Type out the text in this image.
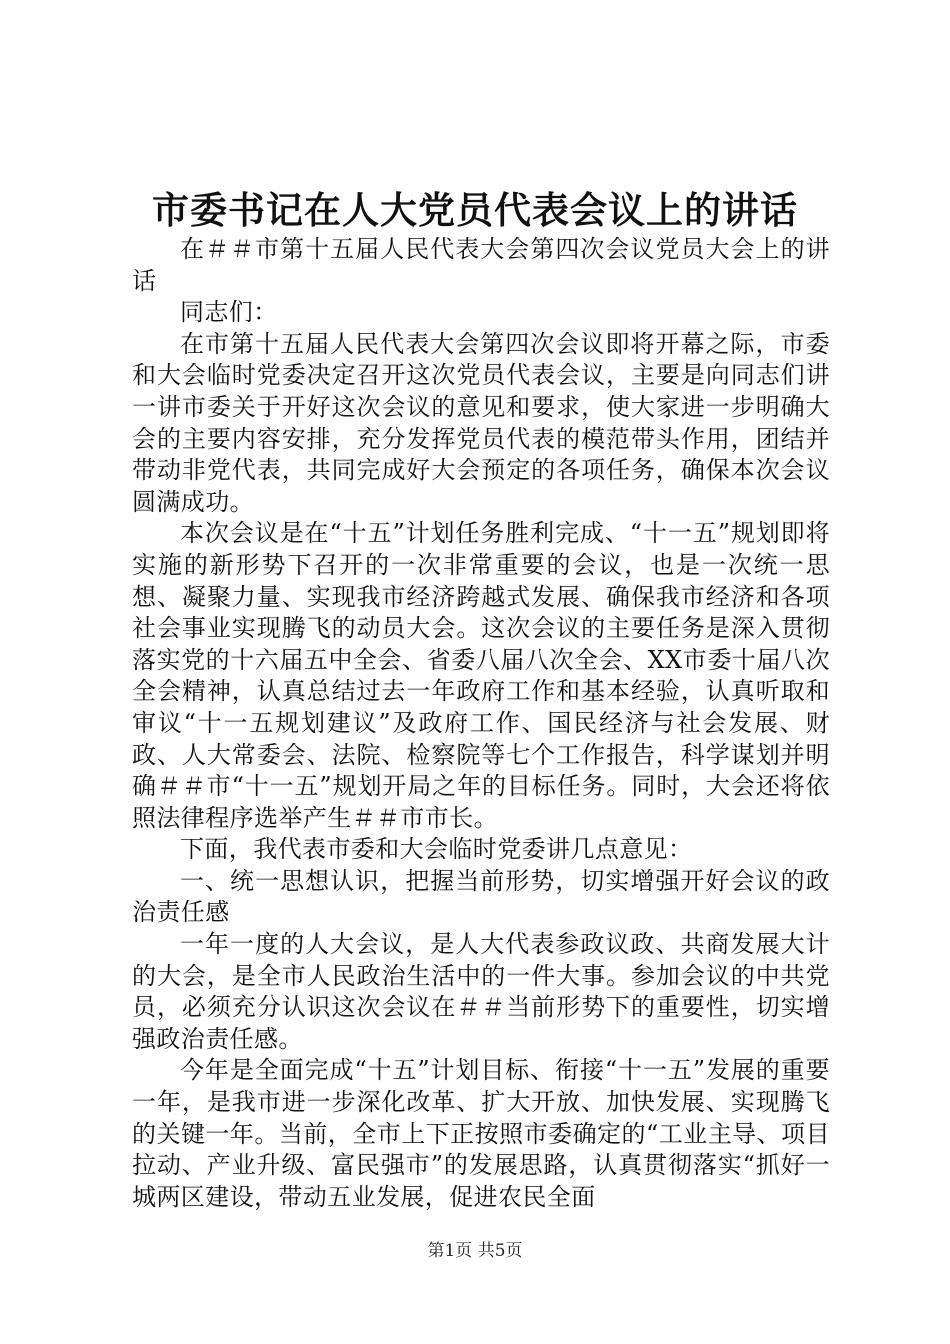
市委书记在人大党员代表会议上的讲话

在＃＃市第十五届人民代表大会第四次会议党员大会上的讲话

同志们：

在市第十五届人民代表大会第四次会议即将开幕之际，市委和大会临时党委决定召开这次党员代表会议，主要是向同志们讲一讲市委关于开好这次会议的意见和要求，使大家进一步明确大会的主要内容安排，充分发挥党员代表的模范带头作用，团结并带动非党代表，共同完成好大会预定的各项任务，确保本次会议圆满成功。

本次会议是在“十五”计划任务胜利完成、“十一五”规划即将实施的新形势下召开的一次非常重要的会议，也是一次统一思想、凝聚力量、实现我市经济跨越式发展、确保我市经济和各项社会事业实现腾飞的动员大会。这次会议的主要任务是深入贯彻落实党的十六届五中全会、省委八届八次全会、XX市委十届八次全会精神，认真总结过去一年政府工作和基本经验，认真听取和审议“十一五规划建议”及政府工作、国民经济与社会发展、财政、人大常委会、法院、检察院等七个工作报告，科学谋划并明确＃＃市“十一五”规划开局之年的目标任务。同时，大会还将依照法律程序选举产生＃＃市市长。

下面，我代表市委和大会临时党委讲几点意见：

一、统一思想认识，把握当前形势，切实增强开好会议的政治责任感

一年一度的人大会议，是人大代表参政议政、共商发展大计的大会，是全市人民政治生活中的一件大事。参加会议的中共党员，必须充分认识这次会议在＃＃当前形势下的重要性，切实增强政治责任感。

今年是全面完成“十五”计划目标、衔接“十一五”发展的重要一年，是我市进一步深化改革、扩大开放、加快发展、实现腾飞的关键一年。当前，全市上下正按照市委确定的“工业主导、项目拉动、产业升级、富民强市”的发展思路，认真贯彻落实“抓好一城两区建设，带动五业发展，促进农民全面

第1页 共5页
